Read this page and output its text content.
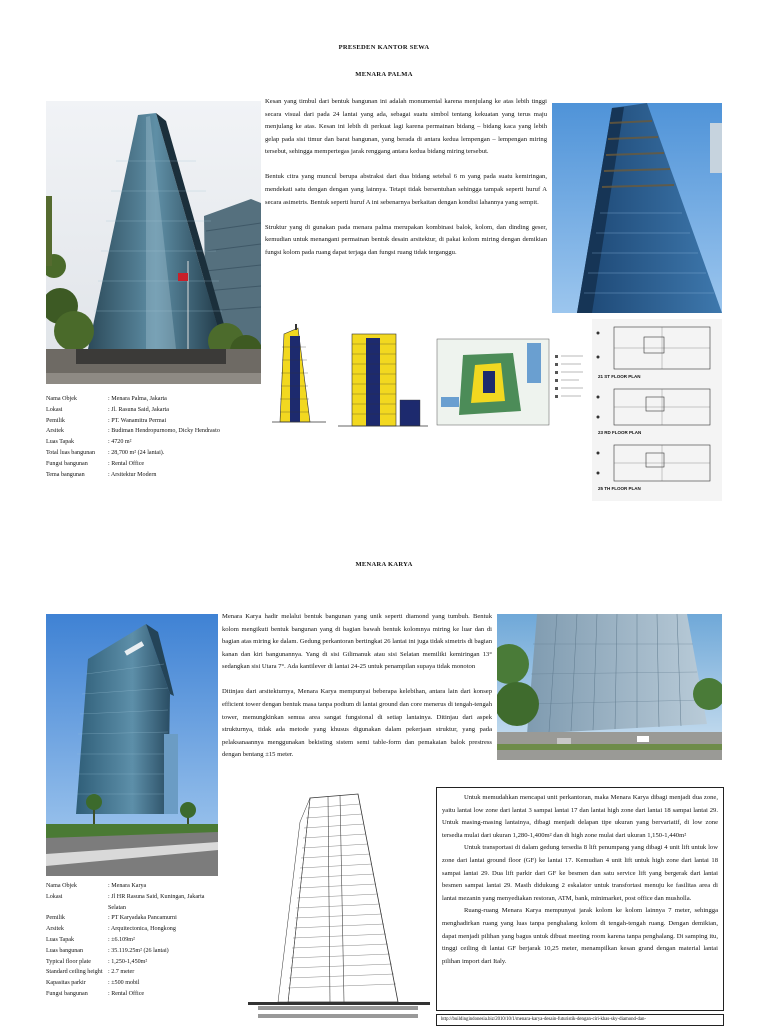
PRESEDEN KANTOR SEWA
MENARA PALMA

Kesan yang timbul dari bentuk bangunan ini adalah monumental karena menjulang ke atas lebih tinggi secara visual dari pada 24 lantai yang ada, sebagai suatu simbol tentang kekuatan yang terus maju menjulang ke atas. Kesan ini lebih di perkuat lagi karena permainan bidang – bidang kaca yang lebih gelap pada sisi timur dan barat bangunan, yang berada di antara kedua lempengan – lempengan miring tersebut, sehingga mempertegas jarak renggang antara kedua bidang miring tersebut.

Bentuk citra yang muncul berupa abstraksi dari dua bidang setebal 6 m yang pada suatu kemiringan, mendekati satu dengan dengan yang lainnya. Tetapi tidak bersentuhan sehingga tampak seperti huruf A secara asimetris. Bentuk seperti huruf A ini sebenarnya berkaitan dengan kondisi lahannya yang sempit.

Struktur yang di gunakan pada menara palma merupakan kombinasi balok, kolom, dan dinding geser, kemudian untuk menangani permainan bentuk desain arsitektur, di pakai kolom miring dengan demikian fungsi kolom pada ruang dapat terjaga dan fungsi ruang tidak terganggu.

21 ST FLOOR PLAN
23 RD FLOOR PLAN
25 TH FLOOR PLAN
Nama Objek	: Menara Palma, Jakarta
Lokasi	: Jl. Rasuna Said, Jakarta
Pemilik	: PT. Wanamitra Permai
Arsitek	: Budiman Hendropurnomo, Dicky Hendrasto
Luas Tapak	: 4720 m²
Total luas bangunan	: 28,700 m² (24 lantai).
Fungsi bangunan	: Rental Office
Tema bangunan	: Arsitektur Modern
MENARA KARYA

Menara Karya hadir melalui bentuk bangunan yang unik seperti diamond yang tumbuh. Bentuk kolom mengikuti bentuk bangunan yang di bagian bawah bentuk kolomnya miring ke luar dan di bagian atas miring ke dalam. Gedung perkantoran bertingkat 26 lantai ini juga tidak simetris di bagian kanan dan kiri bangunannya. Yang di sisi Gilimanuk atau sisi Selatan memiliki kemiringan 13° sedangkan sisi Utara 7°. Ada kantilever di lantai 24-25 untuk penampilan supaya tidak monoton

Ditinjau dari arsitekturnya, Menara Karya mempunyai beberapa kelebihan, antara lain dari konsep efficient tower dengan bentuk masa tanpa podium di lantai ground dan core menerus di tengah-tengah tower, memungkinkan semua area sangat fungsional di setiap lantainya. Ditinjau dari aspek strukturnya, tidak ada metode yang khusus digunakan dalam pekerjaan struktur, yang pada pelaksanaannya menggunakan bekisting sistem semi table-form dan pemakaian balok prestress dengan bentang ±15 meter.

Untuk memudahkan mencapai unit perkantoran, maka Menara Karya dibagi menjadi dua zone, yaitu lantai low zone dari lantai 3 sampai lantai 17 dan lantai high zone dari lantai 18 sampai lantai 29. Untuk masing-masing lantainya, dibagi menjadi delapan tipe ukuran yang bervariatif, di low zone tersedia mulai dari ukuran 1,280-1,400m² dan di high zone mulai dari ukuran 1,150-1,440m²

Untuk transportasi di dalam gedung tersedia 8 lift penumpang yang dibagi 4 unit lift untuk low zone dari lantai ground floor (GF) ke lantai 17. Kemudian 4 unit lift untuk high zone dari lantai 18 sampai lantai 29. Dua lift parkir dari GF ke besmen dan satu service lift yang bergerak dari lantai besmen sampai lantai 29. Masih didukung 2 eskalator untuk transfortasi menuju ke fasilitas area di lantai mezanin yang menyediakan restoran, ATM, bank, minimarket, post office dan musholla.

Ruang-ruang Menara Karya mempunyai jarak kolom ke kolom lainnya 7 meter, sehingga menghadirkan ruang yang luas tanpa penghalang kolom di tengah-tengah ruang. Dengan demikian, dapat menjadi pilihan yang bagus untuk dibuat meeting room karena tanpa penghalang. Di samping itu, tinggi ceiling di lantai GF berjarak 10,25 meter, menampilkan kesan grand dengan material lantai pilihan import dari Italy.

http://buildingindonesia.biz/2010/10/1/menara-karya-desain-futuristik-dengan-ciri-khas-sky-diamond-dan-
Nama Objek	: Menara Karya
Lokasi	: Jl HR Rasuna Said, Kuningan, Jakarta Selatan
Pemilik	: PT Karyadaka Pancamurni
Arsitek	: Arquitectonica, Hongkong
Luas Tapak	: ±6.109m²
Luas bangunan	: 35.119.25m² (26 lantai)
Typical floor plate	: 1,250-1,450m²
Standard ceiling height : 2.7 meter
Kapasitas parkir	: ±500 mobil
Fungsi bangunan	: Rental Office
